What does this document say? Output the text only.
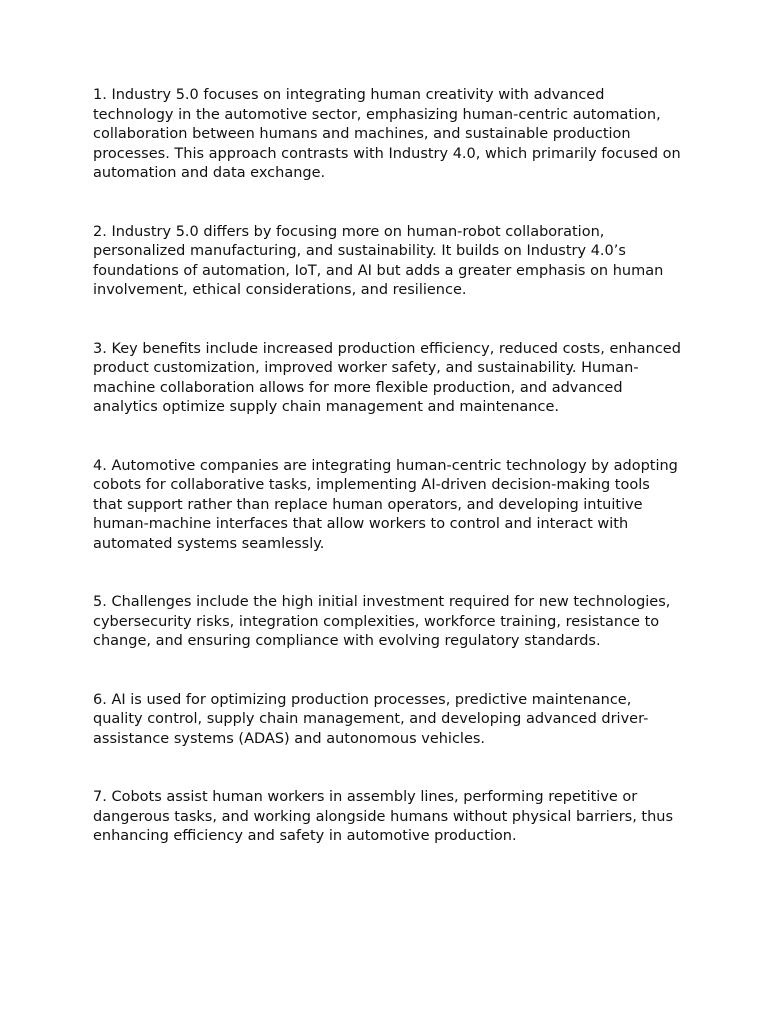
1. Industry 5.0 focuses on integrating human creativity with advanced technology in the automotive sector, emphasizing human-centric automation, collaboration between humans and machines, and sustainable production processes. This approach contrasts with Industry 4.0, which primarily focused on automation and data exchange.

2. Industry 5.0 differs by focusing more on human-robot collaboration, personalized manufacturing, and sustainability. It builds on Industry 4.0’s foundations of automation, IoT, and AI but adds a greater emphasis on human involvement, ethical considerations, and resilience.

3. Key benefits include increased production efficiency, reduced costs, enhanced product customization, improved worker safety, and sustainability. Human-machine collaboration allows for more flexible production, and advanced analytics optimize supply chain management and maintenance.

4. Automotive companies are integrating human-centric technology by adopting cobots for collaborative tasks, implementing AI-driven decision-making tools that support rather than replace human operators, and developing intuitive human-machine interfaces that allow workers to control and interact with automated systems seamlessly.

5. Challenges include the high initial investment required for new technologies, cybersecurity risks, integration complexities, workforce training, resistance to change, and ensuring compliance with evolving regulatory standards.

6. AI is used for optimizing production processes, predictive maintenance, quality control, supply chain management, and developing advanced driver-assistance systems (ADAS) and autonomous vehicles.

7. Cobots assist human workers in assembly lines, performing repetitive or dangerous tasks, and working alongside humans without physical barriers, thus enhancing efficiency and safety in automotive production.
